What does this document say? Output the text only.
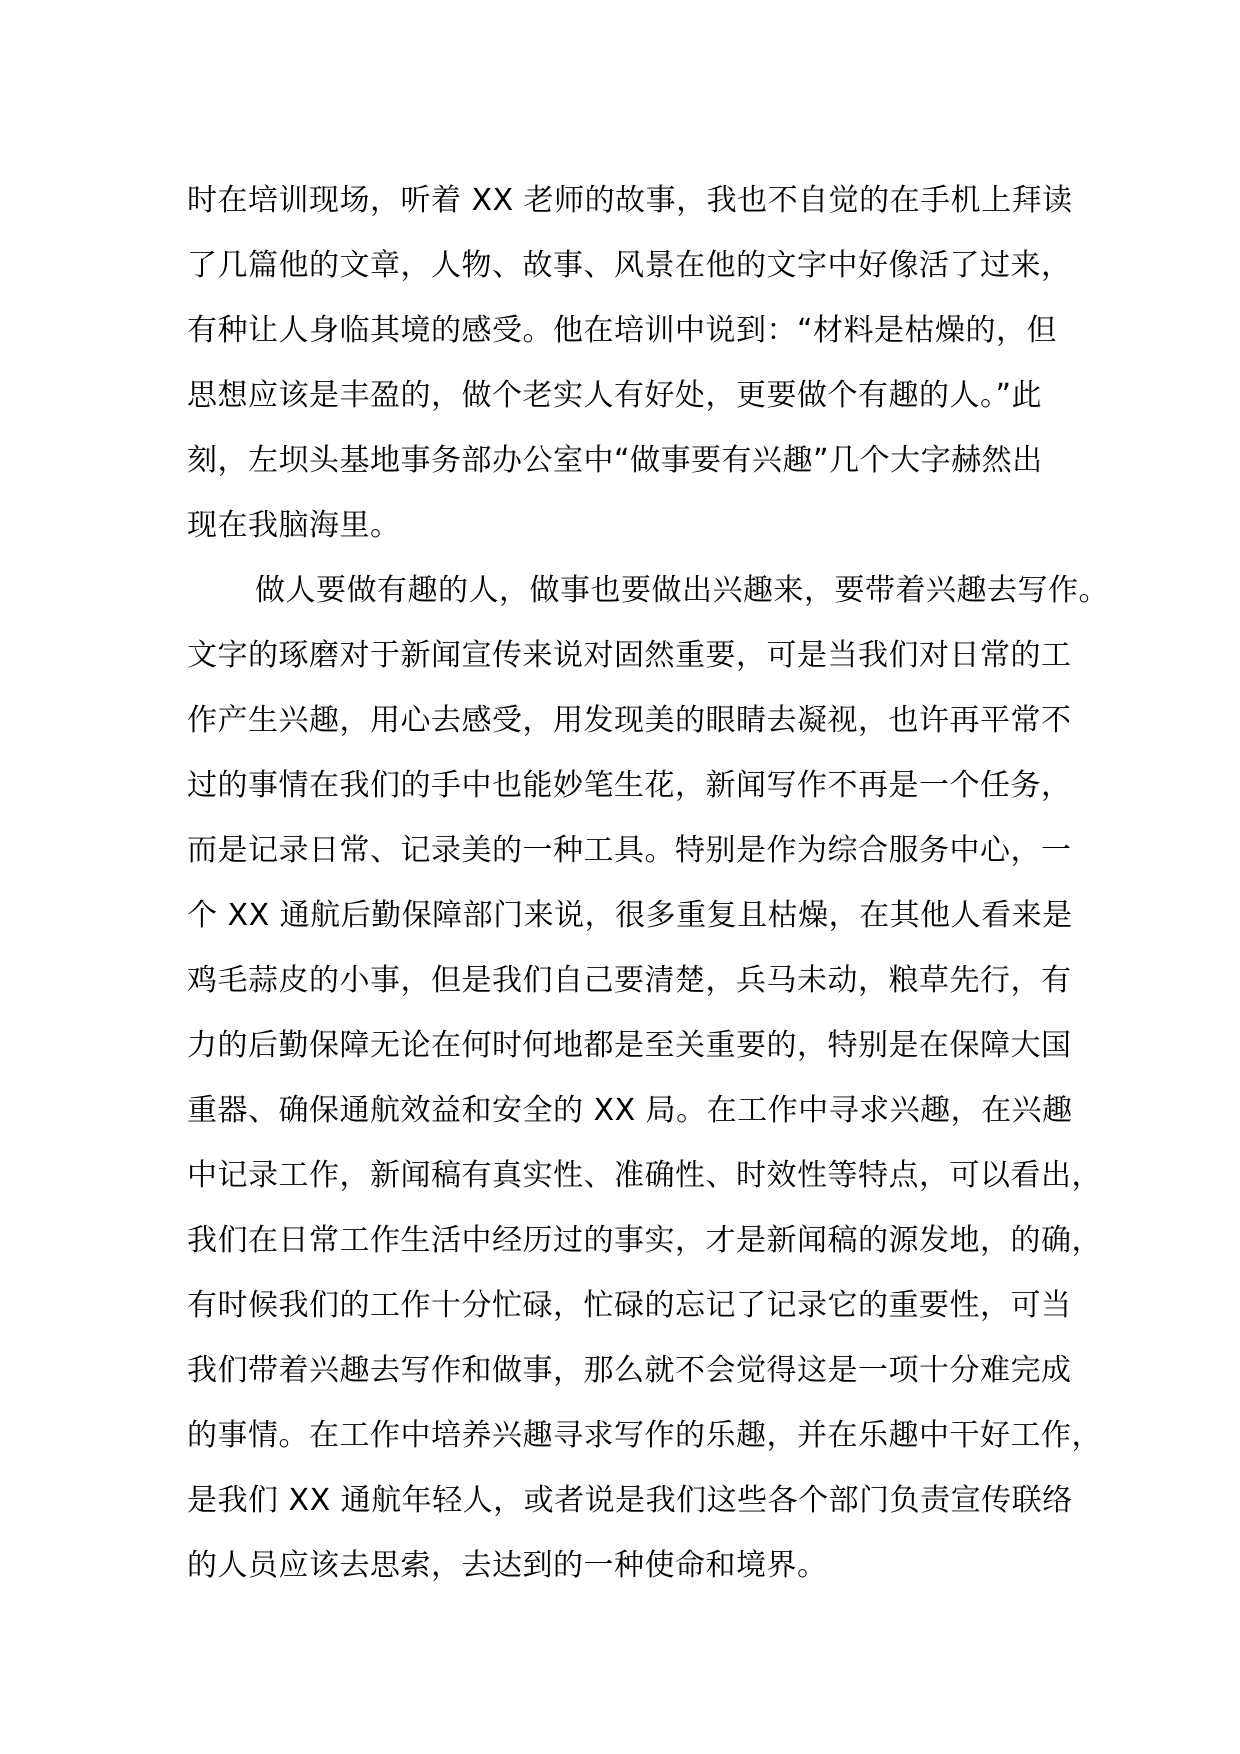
时在培训现场，听着 XX 老师的故事，我也不自觉的在手机上拜读
了几篇他的文章，人物、故事、风景在他的文字中好像活了过来，
有种让人身临其境的感受。他在培训中说到：“材料是枯燥的，但
思想应该是丰盈的，做个老实人有好处，更要做个有趣的人。”此
刻，左坝头基地事务部办公室中“做事要有兴趣”几个大字赫然出
现在我脑海里。
做人要做有趣的人，做事也要做出兴趣来，要带着兴趣去写作。
文字的琢磨对于新闻宣传来说对固然重要，可是当我们对日常的工
作产生兴趣，用心去感受，用发现美的眼睛去凝视，也许再平常不
过的事情在我们的手中也能妙笔生花，新闻写作不再是一个任务，
而是记录日常、记录美的一种工具。特别是作为综合服务中心，一
个 XX 通航后勤保障部门来说，很多重复且枯燥，在其他人看来是
鸡毛蒜皮的小事，但是我们自己要清楚，兵马未动，粮草先行，有
力的后勤保障无论在何时何地都是至关重要的，特别是在保障大国
重器、确保通航效益和安全的 XX 局。在工作中寻求兴趣，在兴趣
中记录工作，新闻稿有真实性、准确性、时效性等特点，可以看出，
我们在日常工作生活中经历过的事实，才是新闻稿的源发地，的确，
有时候我们的工作十分忙碌，忙碌的忘记了记录它的重要性，可当
我们带着兴趣去写作和做事，那么就不会觉得这是一项十分难完成
的事情。在工作中培养兴趣寻求写作的乐趣，并在乐趣中干好工作，
是我们 XX 通航年轻人，或者说是我们这些各个部门负责宣传联络
的人员应该去思索，去达到的一种使命和境界。
